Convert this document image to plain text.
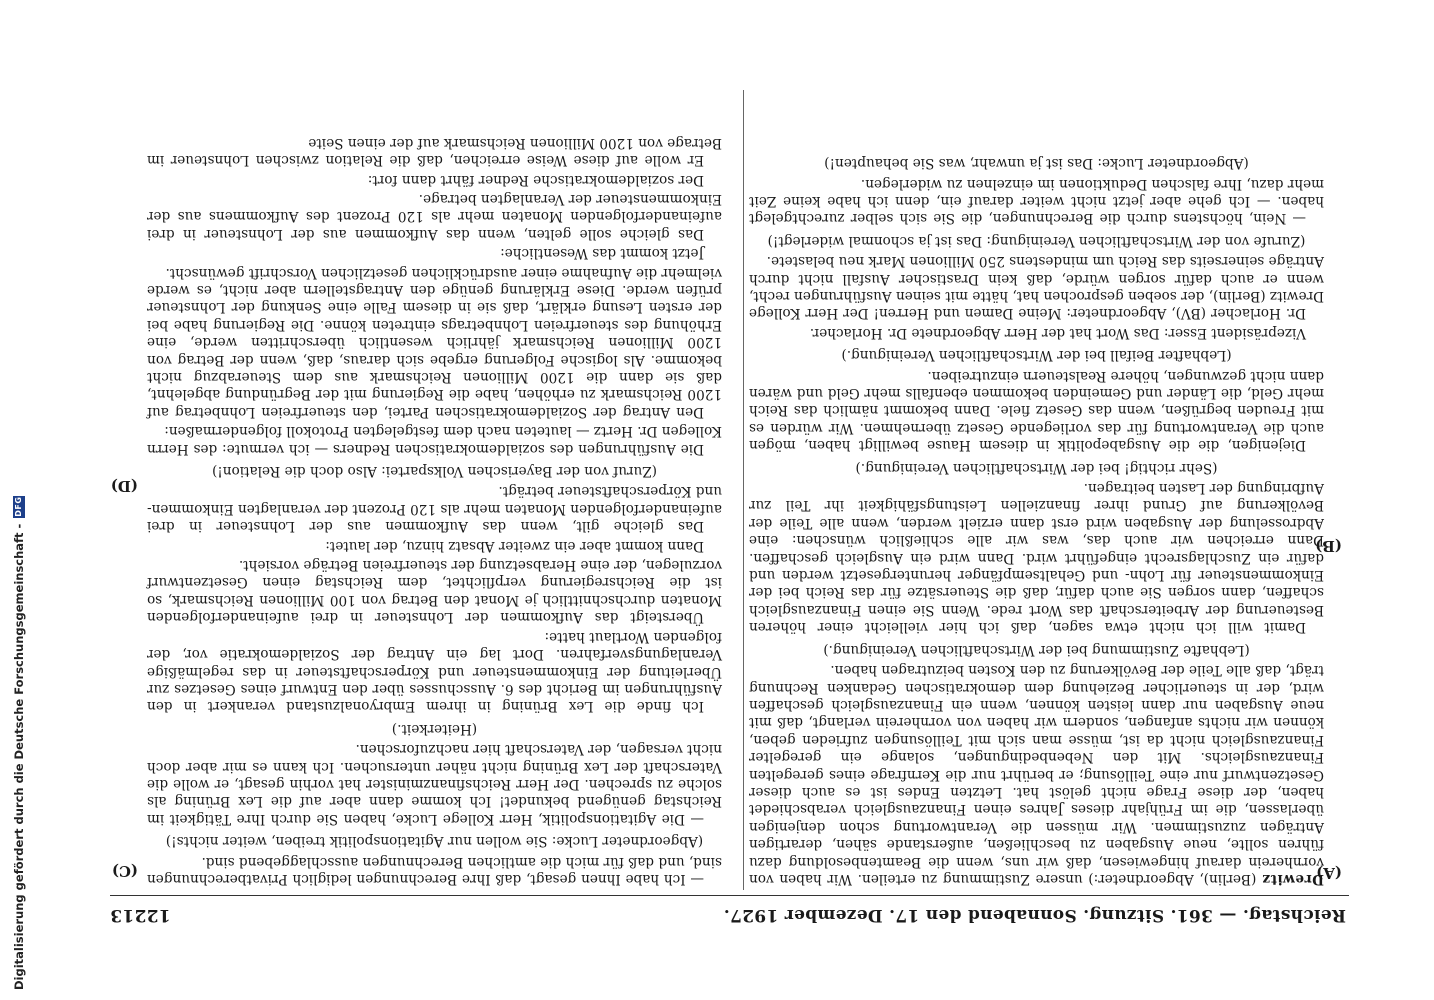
Digitalisierung gefördert durch die Deutsche Forschungsgemeinschaft -
DFG
Reichstag. — 361. Sitzung. Sonnabend den 17. Dezember 1927.
12213
(A)
(B)
(C)
(D)

Drewitz (Berlin), Abgeordneter:) unsere Zustimmung zu erteilen. Wir haben von vornherein darauf hingewiesen, daß wir uns, wenn die Beamtenbesoldung dazu führen sollte, neue Ausgaben zu beschließen, außerstande sähen, derartigen Anträgen zuzustimmen. Wir müssen die Verantwortung schon denjenigen überlassen, die im Frühjahr dieses Jahres einen Finanzausgleich verabschiedet haben, der diese Frage nicht gelöst hat. Letzten Endes ist es auch dieser Gesetzentwurf nur eine Teillösung; er berührt nur die Kernfrage eines geregelten Finanzausgleichs. Mit den Nebenbedingungen, solange ein geregelter Finanzausgleich nicht da ist, müsse man sich mit Teillösungen zufrieden geben, können wir nichts anfangen, sondern wir haben von vornherein verlangt, daß mit neue Ausgaben nur dann leisten können, wenn ein Finanzausgleich geschaffen wird, der in steuerlicher Beziehung dem demokratischen Gedanken Rechnung trägt, daß alle Teile der Bevölkerung zu den Kosten beizutragen haben.

(Lebhafte Zustimmung bei der Wirtschaftlichen Vereinigung.)

Damit will ich nicht etwa sagen, daß ich hier vielleicht einer höheren Besteuerung der Arbeiterschaft das Wort rede. Wenn Sie einen Finanzausgleich schaffen, dann sorgen Sie auch dafür, daß die Steuersätze für das Reich bei der Einkommensteuer für Lohn- und Gehaltsempfänger heruntergesetzt werden und dafür ein Zuschlagsrecht eingeführt wird. Dann wird ein Ausgleich geschaffen. Dann erreichen wir auch das, was wir alle schließlich wünschen: eine Abdrosselung der Ausgaben wird erst dann erzielt werden, wenn alle Teile der Bevölkerung auf Grund ihrer finanziellen Leistungsfähigkeit ihr Teil zur Aufbringung der Lasten beitragen.

(Sehr richtig! bei der Wirtschaftlichen Vereinigung.)

Diejenigen, die die Ausgabepolitik in diesem Hause bewilligt haben, mögen auch die Verantwortung für das vorliegende Gesetz übernehmen. Wir würden es mit Freuden begrüßen, wenn das Gesetz fiele. Dann bekommt nämlich das Reich mehr Geld, die Länder und Gemeinden bekommen ebenfalls mehr Geld und wären dann nicht gezwungen, höhere Realsteuern einzutreiben.

(Lebhafter Beifall bei der Wirtschaftlichen Vereinigung.)

Vizepräsident Esser: Das Wort hat der Herr Abgeordnete Dr. Horlacher.

Dr. Horlacher (BV), Abgeordneter: Meine Damen und Herren! Der Herr Kollege Drewitz (Berlin), der soeben gesprochen hat, hätte mit seinen Ausführungen recht, wenn er auch dafür sorgen würde, daß kein Drastischer Ausfall nicht durch Anträge seinerseits das Reich um mindestens 250 Millionen Mark neu belastete.

(Zurufe von der Wirtschaftlichen Vereinigung: Das ist ja schonmal widerlegt!)

— Nein, höchstens durch die Berechnungen, die Sie sich selber zurechtgelegt haben. — Ich gehe aber jetzt nicht weiter darauf ein, denn ich habe keine Zeit mehr dazu, Ihre falschen Deduktionen im einzelnen zu widerlegen.

(Abgeordneter Lucke: Das ist ja unwahr, was Sie behaupten!)

— Ich habe Ihnen gesagt, daß Ihre Berechnungen lediglich Privatberechnungen sind, und daß für mich die amtlichen Berechnungen ausschlaggebend sind.

(Abgeordneter Lucke: Sie wollen nur Agitationspolitik treiben, weiter nichts!)

— Die Agitationspolitik, Herr Kollege Lucke, haben Sie durch Ihre Tätigkeit im Reichstag genügend bekundet! Ich komme dann aber auf die Lex Brüning als solche zu sprechen. Der Herr Reichsfinanzminister hat vorhin gesagt, er wolle die Vaterschaft der Lex Brüning nicht näher untersuchen. Ich kann es mir aber doch nicht versagen, der Vaterschaft hier nachzuforschen.

(Heiterkeit.)

Ich finde die Lex Brüning in ihrem Embryonalzustand verankert in den Ausführungen im Bericht des 6. Ausschusses über den Entwurf eines Gesetzes zur Überleitung der Einkommensteuer und Körperschaftsteuer in das regelmäßige Veranlagungsverfahren. Dort lag ein Antrag der Sozialdemokratie vor, der folgenden Wortlaut hatte:

Übersteigt das Aufkommen der Lohnsteuer in drei aufeinanderfolgenden Monaten durchschnittlich je Monat den Betrag von 100 Millionen Reichsmark, so ist die Reichsregierung verpflichtet, dem Reichstag einen Gesetzentwurf vorzulegen, der eine Herabsetzung der steuerfreien Beträge vorsieht.

Dann kommt aber ein zweiter Absatz hinzu, der lautet:

Das gleiche gilt, wenn das Aufkommen aus der Lohnsteuer in drei aufeinanderfolgenden Monaten mehr als 120 Prozent der veranlagten Einkommen- und Körperschaftsteuer beträgt.

(Zuruf von der Bayerischen Volkspartei: Also doch die Relation!)

Die Ausführungen des sozialdemokratischen Redners — ich vermute: des Herrn Kollegen Dr. Hertz — lauteten nach dem festgelegten Protokoll folgendermaßen:

Den Antrag der Sozialdemokratischen Partei, den steuerfreien Lohnbetrag auf 1200 Reichsmark zu erhöhen, habe die Regierung mit der Begründung abgelehnt, daß sie dann die 1200 Millionen Reichsmark aus dem Steuerabzug nicht bekomme. Als logische Folgerung ergebe sich daraus, daß, wenn der Betrag von 1200 Millionen Reichsmark jährlich wesentlich überschritten werde, eine Erhöhung des steuerfreien Lohnbetrags eintreten könne. Die Regierung habe bei der ersten Lesung erklärt, daß sie in diesem Falle eine Senkung der Lohnsteuer prüfen werde. Diese Erklärung genüge den Antragstellern aber nicht, es werde vielmehr die Aufnahme einer ausdrücklichen gesetzlichen Vorschrift gewünscht.

Jetzt kommt das Wesentliche:

Das gleiche solle gelten, wenn das Aufkommen aus der Lohnsteuer in drei aufeinanderfolgenden Monaten mehr als 120 Prozent des Aufkommens aus der Einkommensteuer der Veranlagten betrage.

Der sozialdemokratische Redner fährt dann fort:

Er wolle auf diese Weise erreichen, daß die Relation zwischen Lohnsteuer im Betrage von 1200 Millionen Reichsmark auf der einen Seite
